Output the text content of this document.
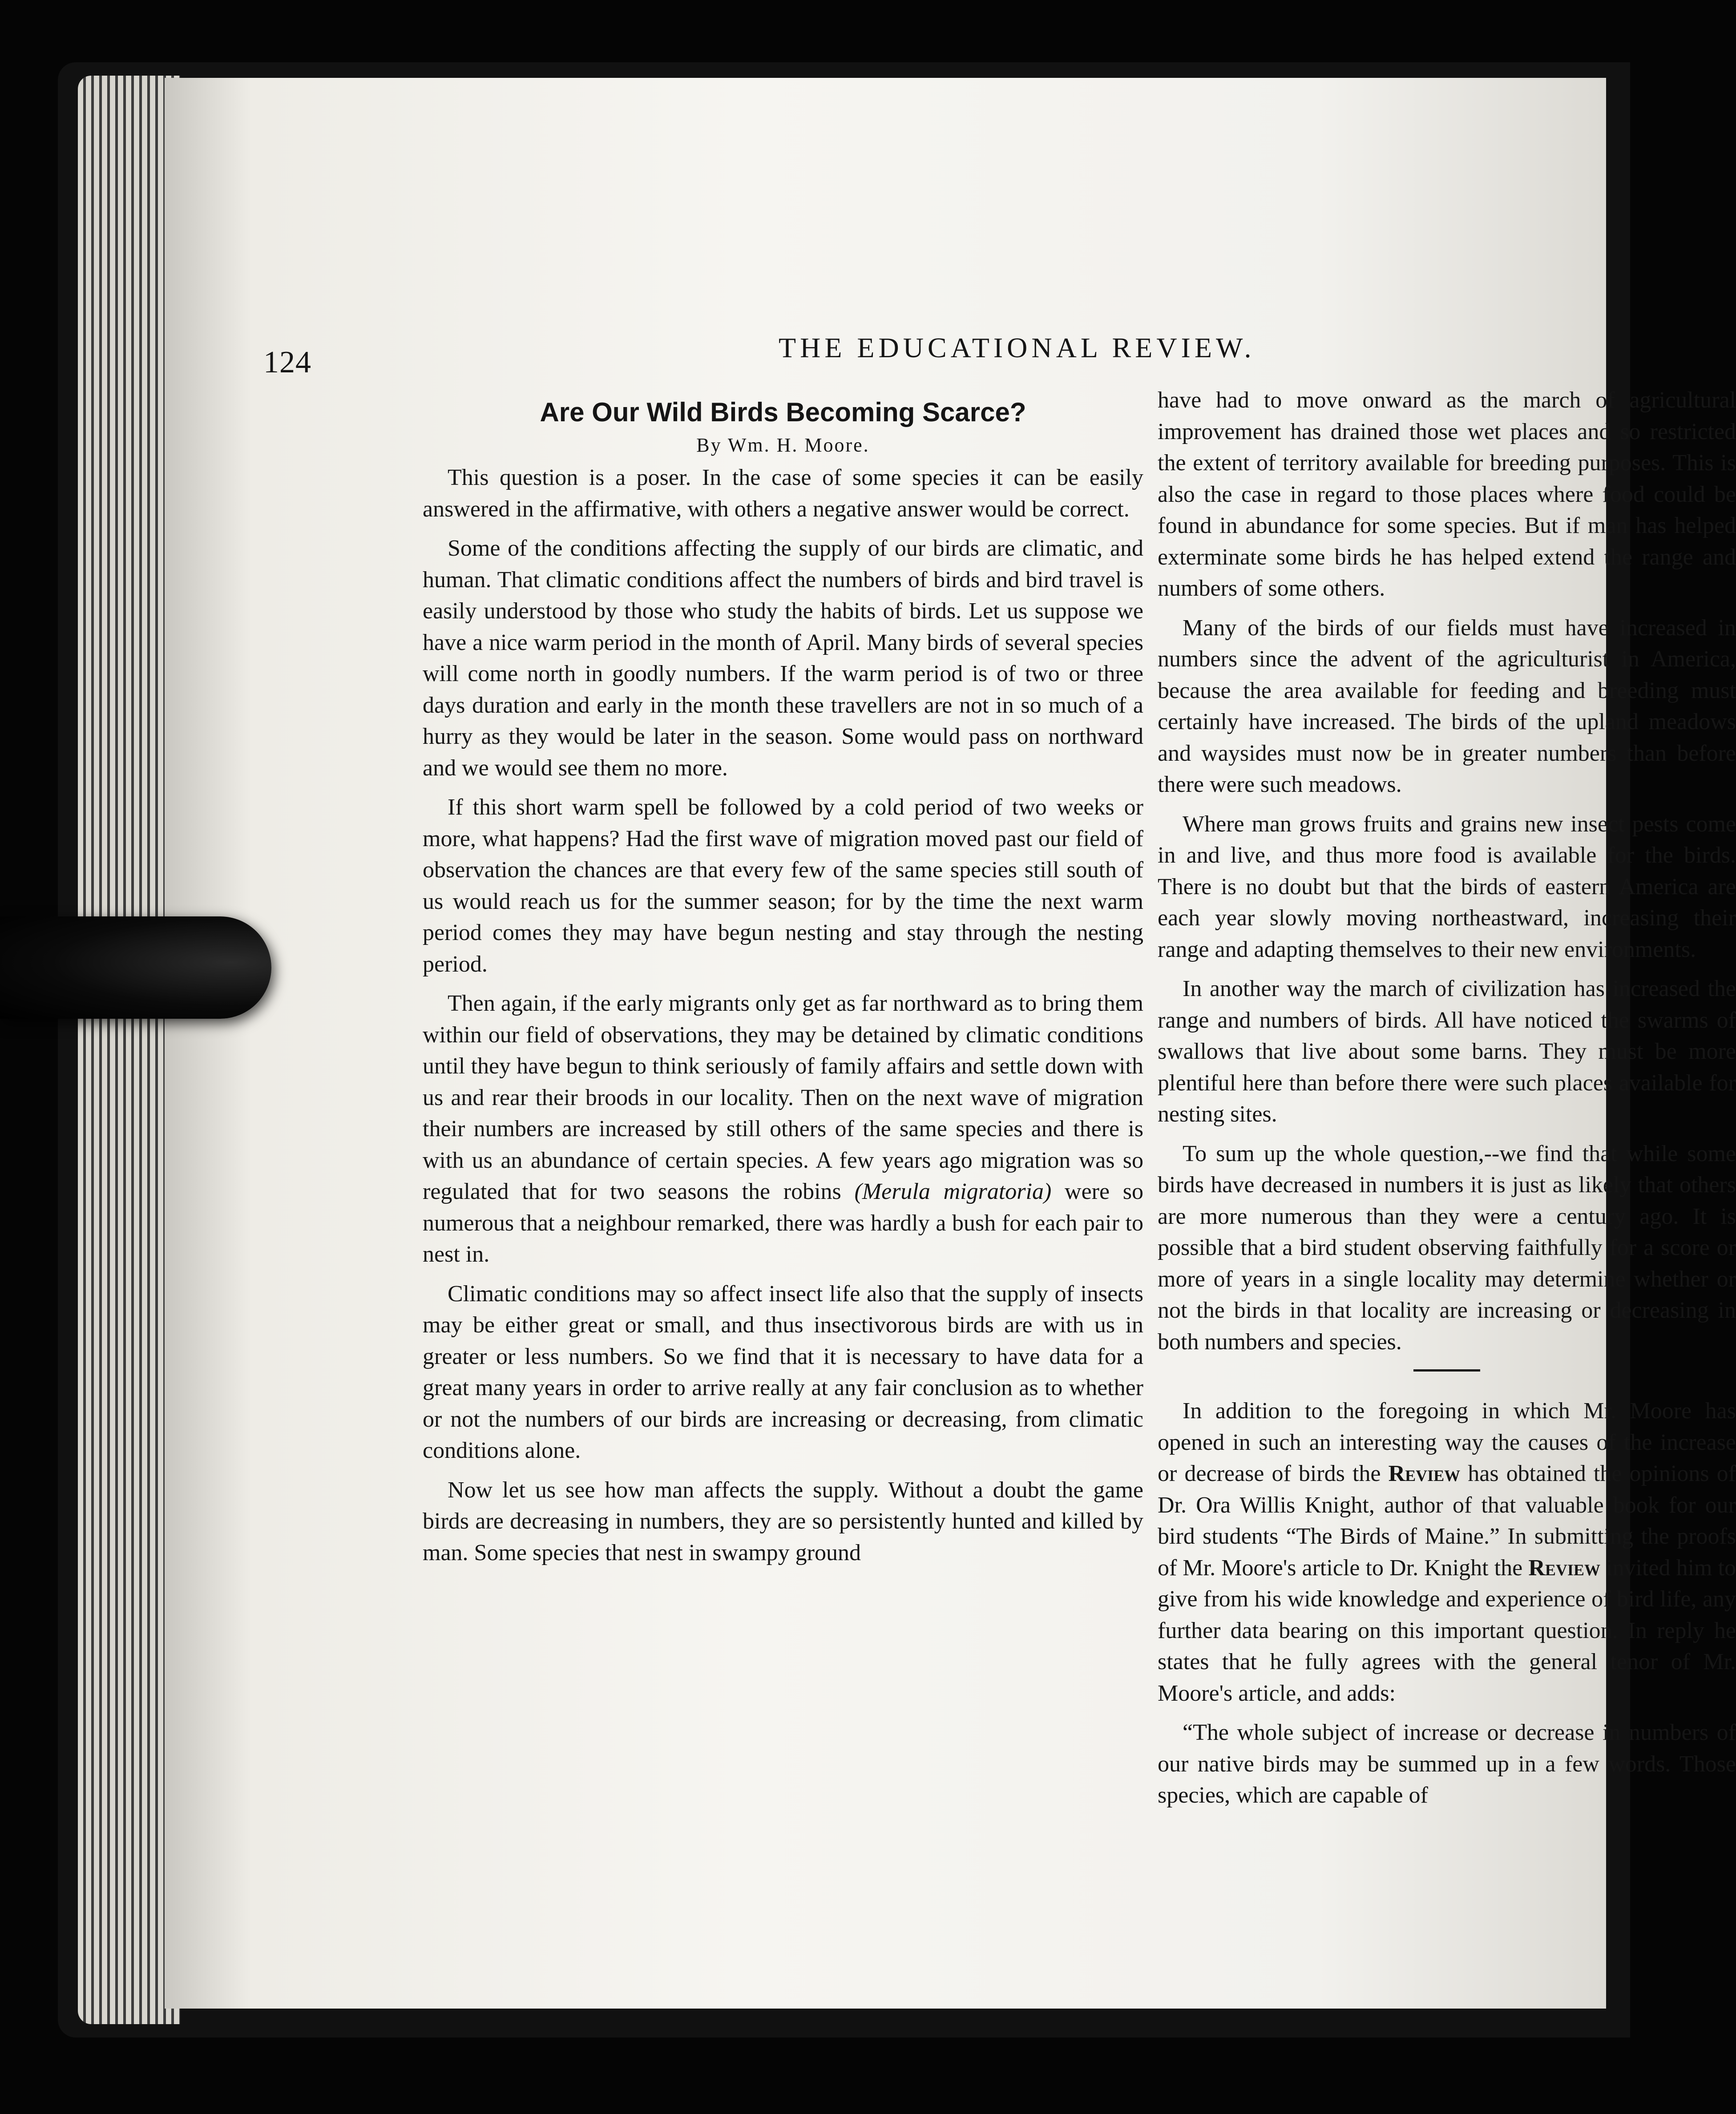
124	THE EDUCATIONAL REVIEW.
Are Our Wild Birds Becoming Scarce?
By Wm. H. Moore.

This question is a poser. In the case of some species it can be easily answered in the affirmative, with others a negative answer would be correct.

Some of the conditions affecting the supply of our birds are climatic, and human. That climatic conditions affect the numbers of birds and bird travel is easily understood by those who study the habits of birds. Let us suppose we have a nice warm period in the month of April. Many birds of several species will come north in goodly numbers. If the warm period is of two or three days duration and early in the month these travellers are not in so much of a hurry as they would be later in the season. Some would pass on northward and we would see them no more.

If this short warm spell be followed by a cold period of two weeks or more, what happens? Had the first wave of migration moved past our field of observation the chances are that every few of the same species still south of us would reach us for the summer season; for by the time the next warm period comes they may have begun nesting and stay through the nesting period.

Then again, if the early migrants only get as far northward as to bring them within our field of observations, they may be detained by climatic conditions until they have begun to think seriously of family affairs and settle down with us and rear their broods in our locality. Then on the next wave of migration their numbers are increased by still others of the same species and there is with us an abundance of certain species. A few years ago migration was so regulated that for two seasons the robins (Merula migratoria) were so numerous that a neighbour remarked, there was hardly a bush for each pair to nest in.

Climatic conditions may so affect insect life also that the supply of insects may be either great or small, and thus insectivorous birds are with us in greater or less numbers. So we find that it is necessary to have data for a great many years in order to arrive really at any fair conclusion as to whether or not the numbers of our birds are increasing or decreasing, from climatic conditions alone.

Now let us see how man affects the supply. Without a doubt the game birds are decreasing in numbers, they are so persistently hunted and killed by man. Some species that nest in swampy ground

have had to move onward as the march of agricultural improvement has drained those wet places and so restricted the extent of territory available for breeding purposes. This is also the case in regard to those places where food could be found in abundance for some species. But if man has helped exterminate some birds he has helped extend the range and numbers of some others.

Many of the birds of our fields must have increased in numbers since the advent of the agriculturist in America, because the area available for feeding and breeding must certainly have increased. The birds of the upland meadows and waysides must now be in greater numbers than before there were such meadows.

Where man grows fruits and grains new insect pests come in and live, and thus more food is available for the birds. There is no doubt but that the birds of eastern America are each year slowly moving northeastward, increasing their range and adapting themselves to their new environments.

In another way the march of civilization has increased the range and numbers of birds. All have noticed the swarms of swallows that live about some barns. They must be more plentiful here than before there were such places available for nesting sites.

To sum up the whole question,--we find that while some birds have decreased in numbers it is just as likely that others are more numerous than they were a century ago. It is possible that a bird student observing faithfully for a score or more of years in a single locality may determine whether or not the birds in that locality are increasing or decreasing in both numbers and species.

In addition to the foregoing in which Mr. Moore has opened in such an interesting way the causes of the increase or decrease of birds the Review has obtained the opinions of Dr. Ora Willis Knight, author of that valuable book for our bird students “The Birds of Maine.” In submitting the proofs of Mr. Moore's article to Dr. Knight the Review invited him to give from his wide knowledge and experience of bird life, any further data bearing on this important question. In reply he states that he fully agrees with the general tenor of Mr. Moore's article, and adds:

“The whole subject of increase or decrease in numbers of our native birds may be summed up in a few words. Those species, which are capable of
